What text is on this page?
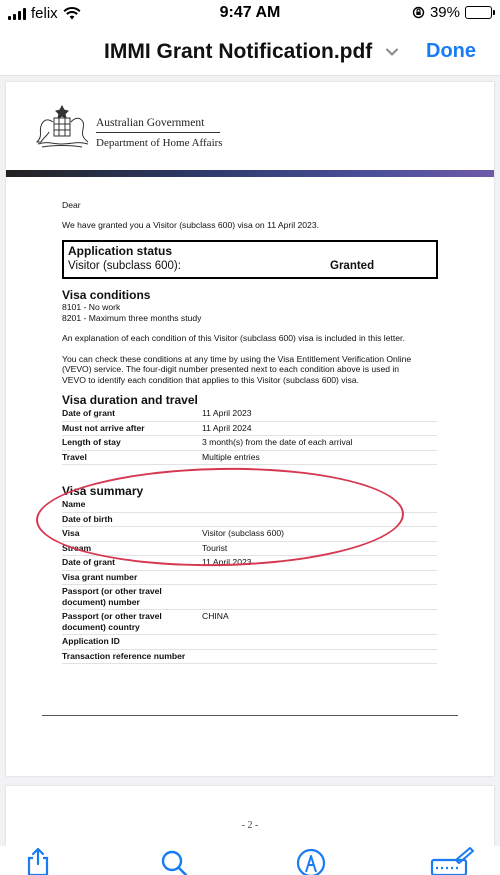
felix	9:47 AM	39%
IMMI Grant Notification.pdf	Done
Australian Government
Department of Home Affairs

Dear

We have granted you a Visitor (subclass 600) visa on 11 April 2023.

Application status
Visitor (subclass 600):	Granted
Visa conditions

8101 - No work

8201 - Maximum three months study

An explanation of each condition of this Visitor (subclass 600) visa is included in this letter.

You can check these conditions at any time by using the Visa Entitlement Verification Online

(VEVO) service. The four-digit number presented next to each condition above is used in

VEVO to identify each condition that applies to this Visitor (subclass 600) visa.

Visa duration and travel
Date of grant	11 April 2023
Must not arrive after	11 April 2024
Length of stay	3 month(s) from the date of each arrival
Travel	Multiple entries
Visa summary
Name	
Date of birth	
Visa	Visitor (subclass 600)
Stream	Tourist
Date of grant	11 April 2023
Visa grant number	
Passport (or other travel document) number	
Passport (or other travel document) country	CHINA
Application ID	
Transaction reference number	
- 2 -
